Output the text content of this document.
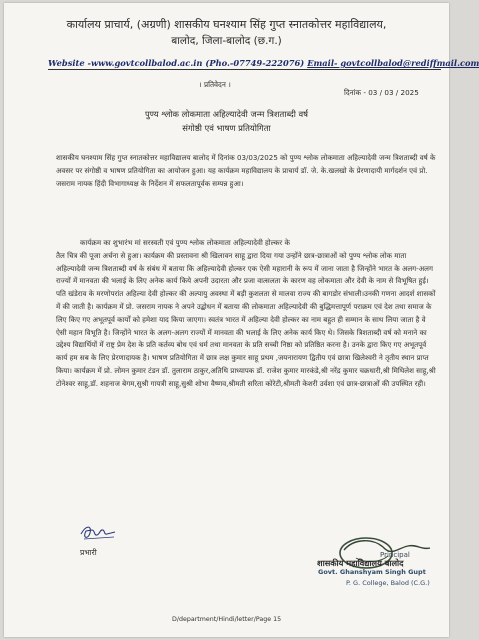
कार्यालय प्राचार्य, (अग्रणी) शासकीय घनश्याम सिंह गुप्त स्नातकोत्तर महाविद्यालय,
बालोद, जिला-बालोद (छ.ग.)
Website -www.govtcollbalod.ac.in (Pho.-07749-222076) Email- govtcollbalod@rediffmail.com
। प्रतिवेदन ।
दिनांक - 03 / 03 / 2025
पुण्य श्लोक लोकमाता अहिल्यादेवी जन्म त्रिशताब्दी वर्ष
संगोष्ठी एवं भाषण प्रतियोगिता
शासकीय घनश्याम सिंह गुप्त स्नातकोत्तर महाविद्यालय बालोद में दिनांक 03/03/2025 को पुण्य श्लोक लोकमाता अहिल्यादेवी जन्म त्रिशताब्दी वर्ष के अवसर पर संगोष्ठी व भाषण प्रतियोगिता का आयोजन हुआ। यह कार्यक्रम महाविद्यालय के प्राचार्य डॉ. जे. के.खलखो के प्रेरणादायी मार्गदर्शन एवं प्रो. जसराम नायक हिंदी विभागाध्यक्ष के निर्देशन में सफलतापूर्वक सम्पन्न हुआ।
कार्यक्रम का शुभारंभ मां सरस्वती एवं पुण्य श्लोक लोकमाता अहिल्यादेवी होल्कर के
तैल चित्र की पूजा अर्चना से हुआ। कार्यक्रम की प्रस्तावना श्री खिलावन साहू द्वारा दिया गया उन्होंने छात्र-छात्राओं को पुण्य श्लोक लोक माता अहिल्यादेवी जन्म त्रिशताब्दी वर्ष के संबंध में बताया कि अहिल्यादेवी होल्कर एक ऐसी महारानी के रूप में जाना जाता है जिन्होंने भारत के अलग-अलग राज्यों में मानवता की भलाई के लिए अनेक कार्य किये अपनी उदारता और प्रजा वात्सलता के कारण वह लोकमाता और देवी के नाम से विभूषित हुई। पति खंडेराव के मरणोपरांत अहिल्या देवी होल्कर की अल्पायु अवस्था में बड़ी कुशलता से मालवा राज्य की बागडोर संभाली।उनकी गणना आदर्श शासकों में की जाती है। कार्यक्रम में प्रो. जसराम नायक ने अपने उद्बोधन में बताया की लोकमाता अहिल्यादेवी की बुद्धिमत्तापूर्ण पराक्रम एवं देश तथा समाज के लिए किए गए अभूतपूर्व कार्यों को हमेशा याद किया जाएगा। स्वतंत्र भारत में अहिल्या देवी होल्कर का नाम बहुत ही सम्मान के साथ लिया जाता है वे ऐसी महान विभूति है। जिन्होंने भारत के अलग-अलग राज्यों में मानवता की भलाई के लिए अनेक कार्य किए थे। जिसके त्रिशताब्दी वर्ष को मनाने का उद्देश्य विद्यार्थियों में राष्ट्र प्रेम देश के प्रति कर्तव्य बोध एवं धर्म तथा मानवता के प्रति सच्ची निष्ठा को प्रतिष्ठित करना है। उनके द्वारा किए गए अभूतपूर्व कार्य हम सब के लिए प्रेरणादायक है। भाषण प्रतियोगिता में छात्र लक्ष कुमार साहू प्रथम ,जयनारायण द्वितीय एवं छात्रा खिलेश्वरी ने तृतीय स्थान प्राप्त किया। कार्यक्रम में प्रो. लोमन कुमार टंडन डॉ. तुलाराम ठाकुर,अतिथि प्राध्यापक डॉ. राजेश कुमार मारकंडे,श्री नरेंद्र कुमार चक्रधारी,श्री मिथिलेश साहू,श्री टोनेश्वर साहू,डॉ. शहनाज बेगम,सुश्री गायत्री साहू,सुश्री शोभा वैष्णव,श्रीमती सरिता कोरेटी,श्रीमती केशरी उर्वशा एवं छात्र-छात्राओं की उपस्थित रही।
प्रभारी	Principal
शासकीय महाविद्यालय बालोद
Govt. Ghanshyam Singh Gupt
P. G. College, Balod (C.G.)
D/department/Hindi/letter/Page 15
